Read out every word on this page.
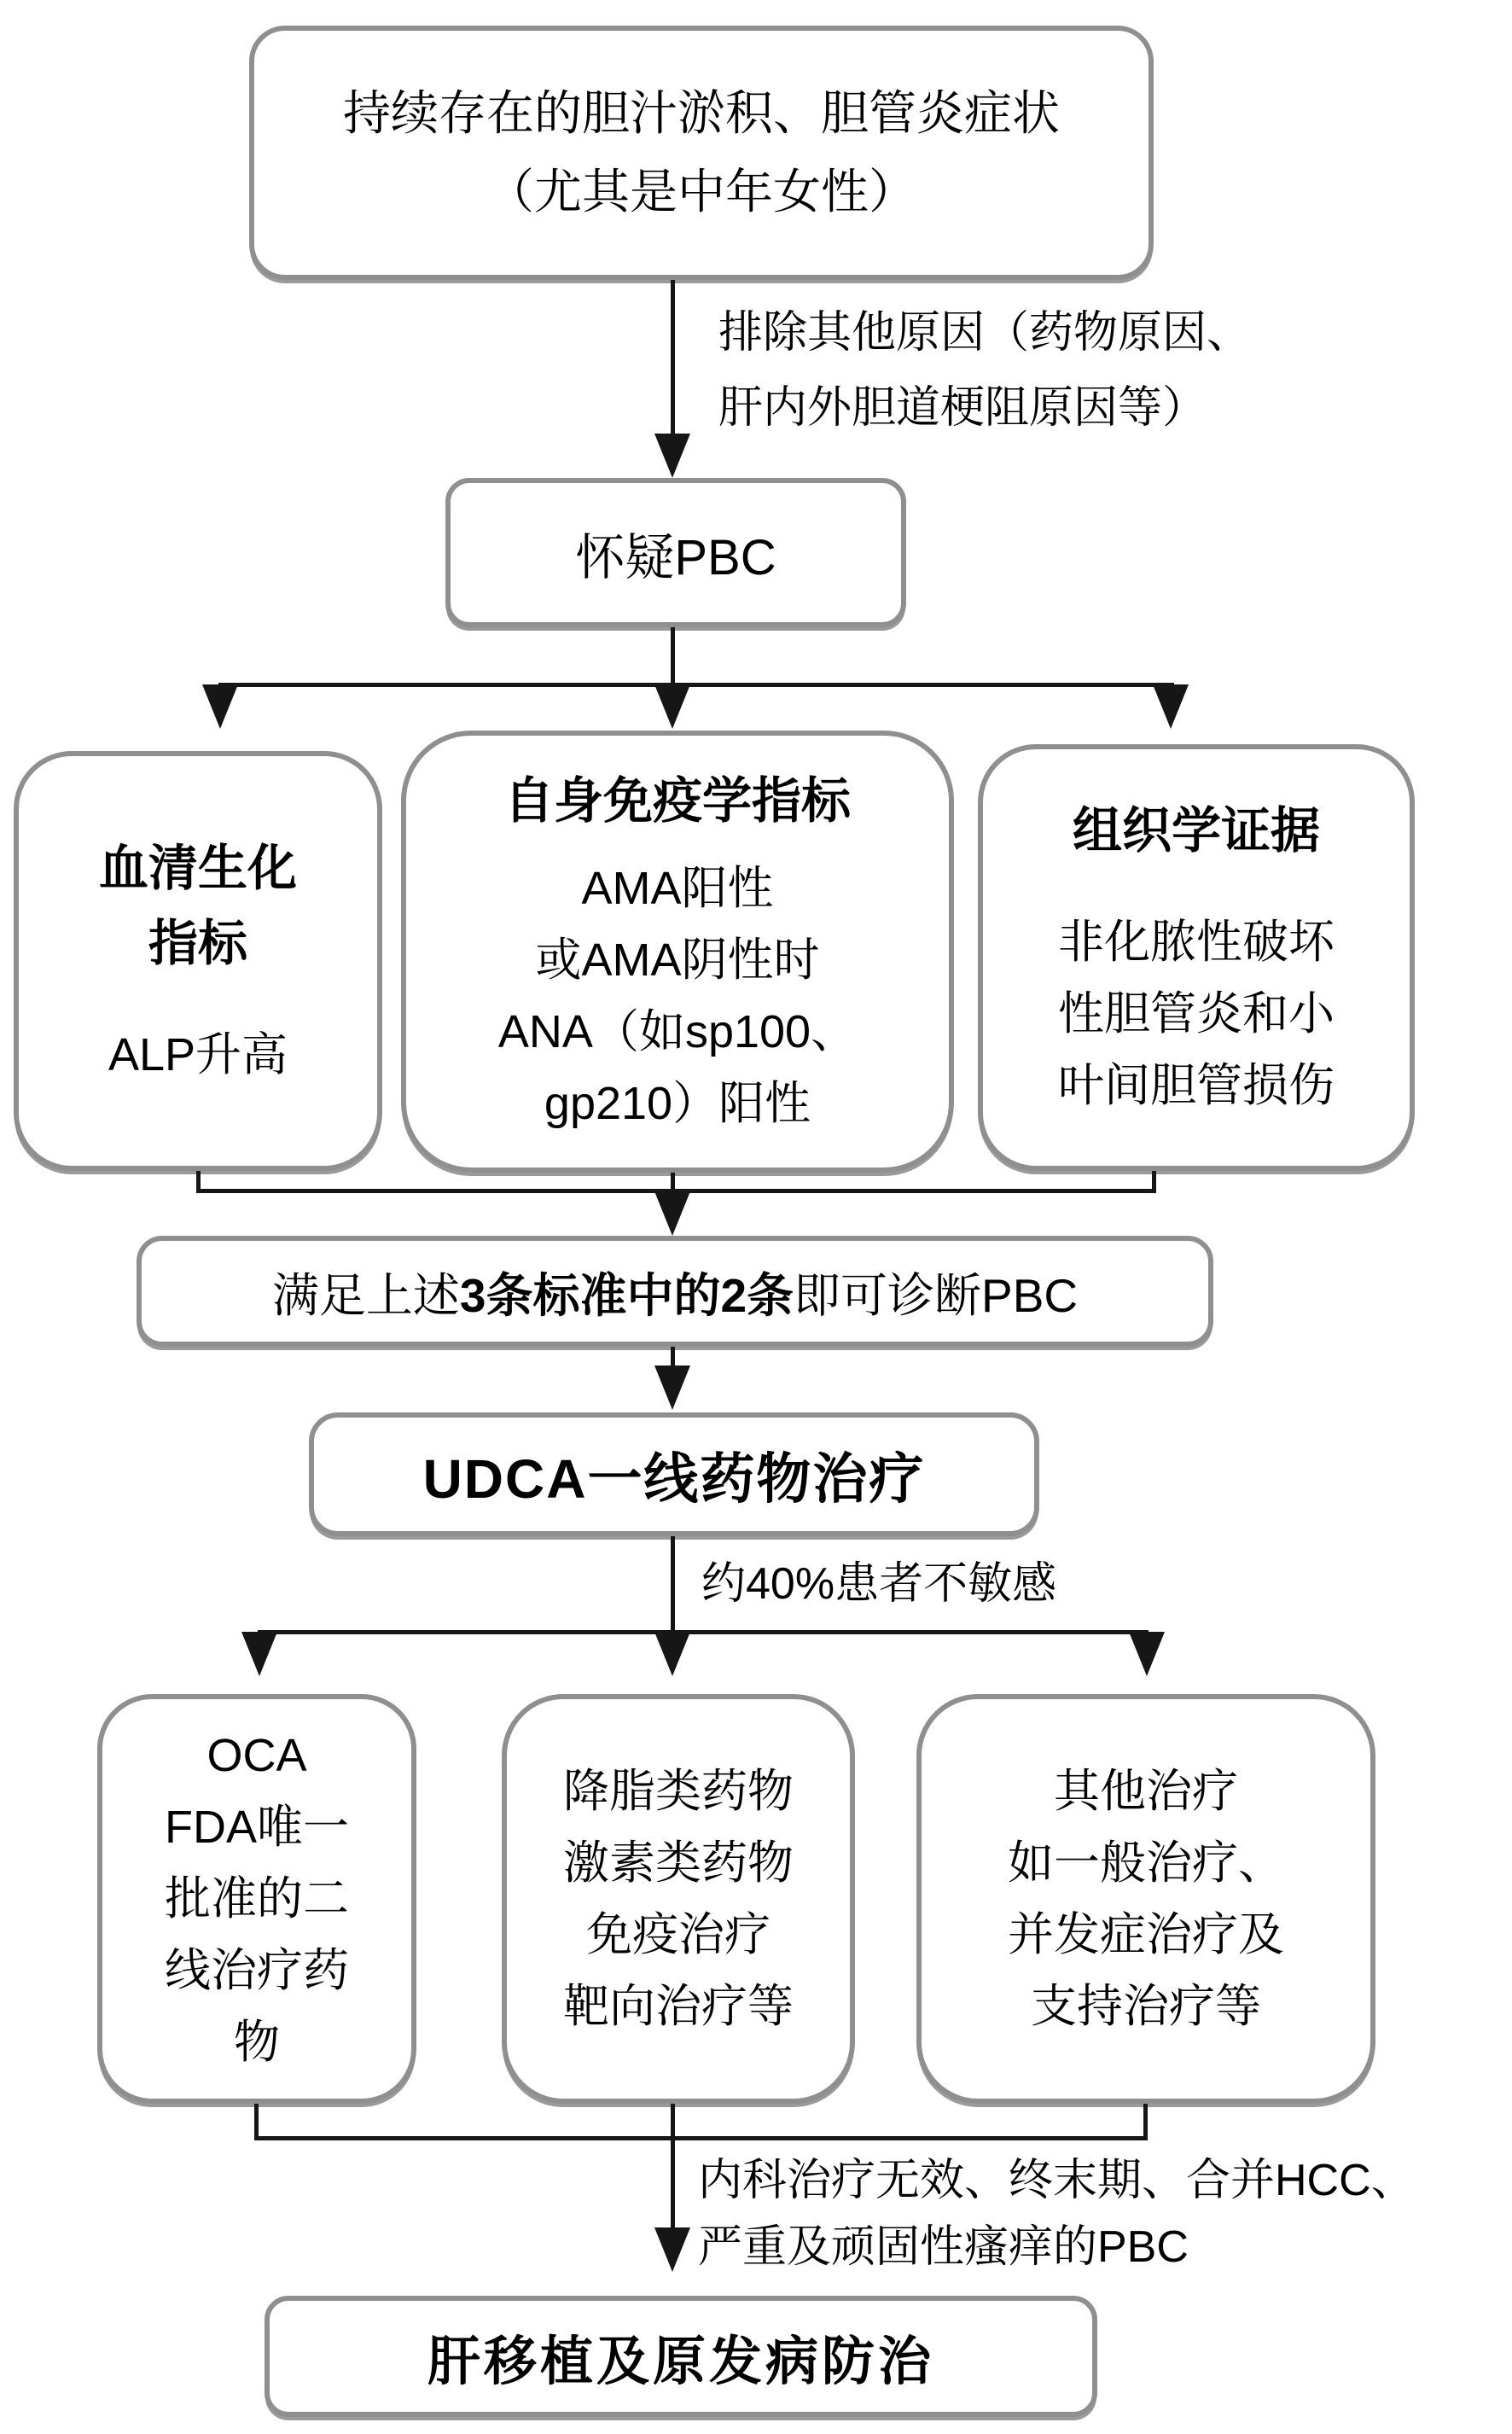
持续存在的胆汁淤积、胆管炎症状
（尤其是中年女性）
排除其他原因（药物原因、
肝内外胆道梗阻原因等）
怀疑PBC
血清生化
指标
ALP升高
自身免疫学指标
AMA阳性
或AMA阴性时
ANA（如sp100、
gp210）阳性
组织学证据
非化脓性破坏
性胆管炎和小
叶间胆管损伤
满足上述3条标准中的2条即可诊断PBC
UDCA一线药物治疗
约40%患者不敏感
OCA
FDA唯一
批准的二
线治疗药
物
降脂类药物
激素类药物
免疫治疗
靶向治疗等
其他治疗
如一般治疗、
并发症治疗及
支持治疗等
内科治疗无效、终末期、合并HCC、
严重及顽固性瘙痒的PBC
肝移植及原发病防治
